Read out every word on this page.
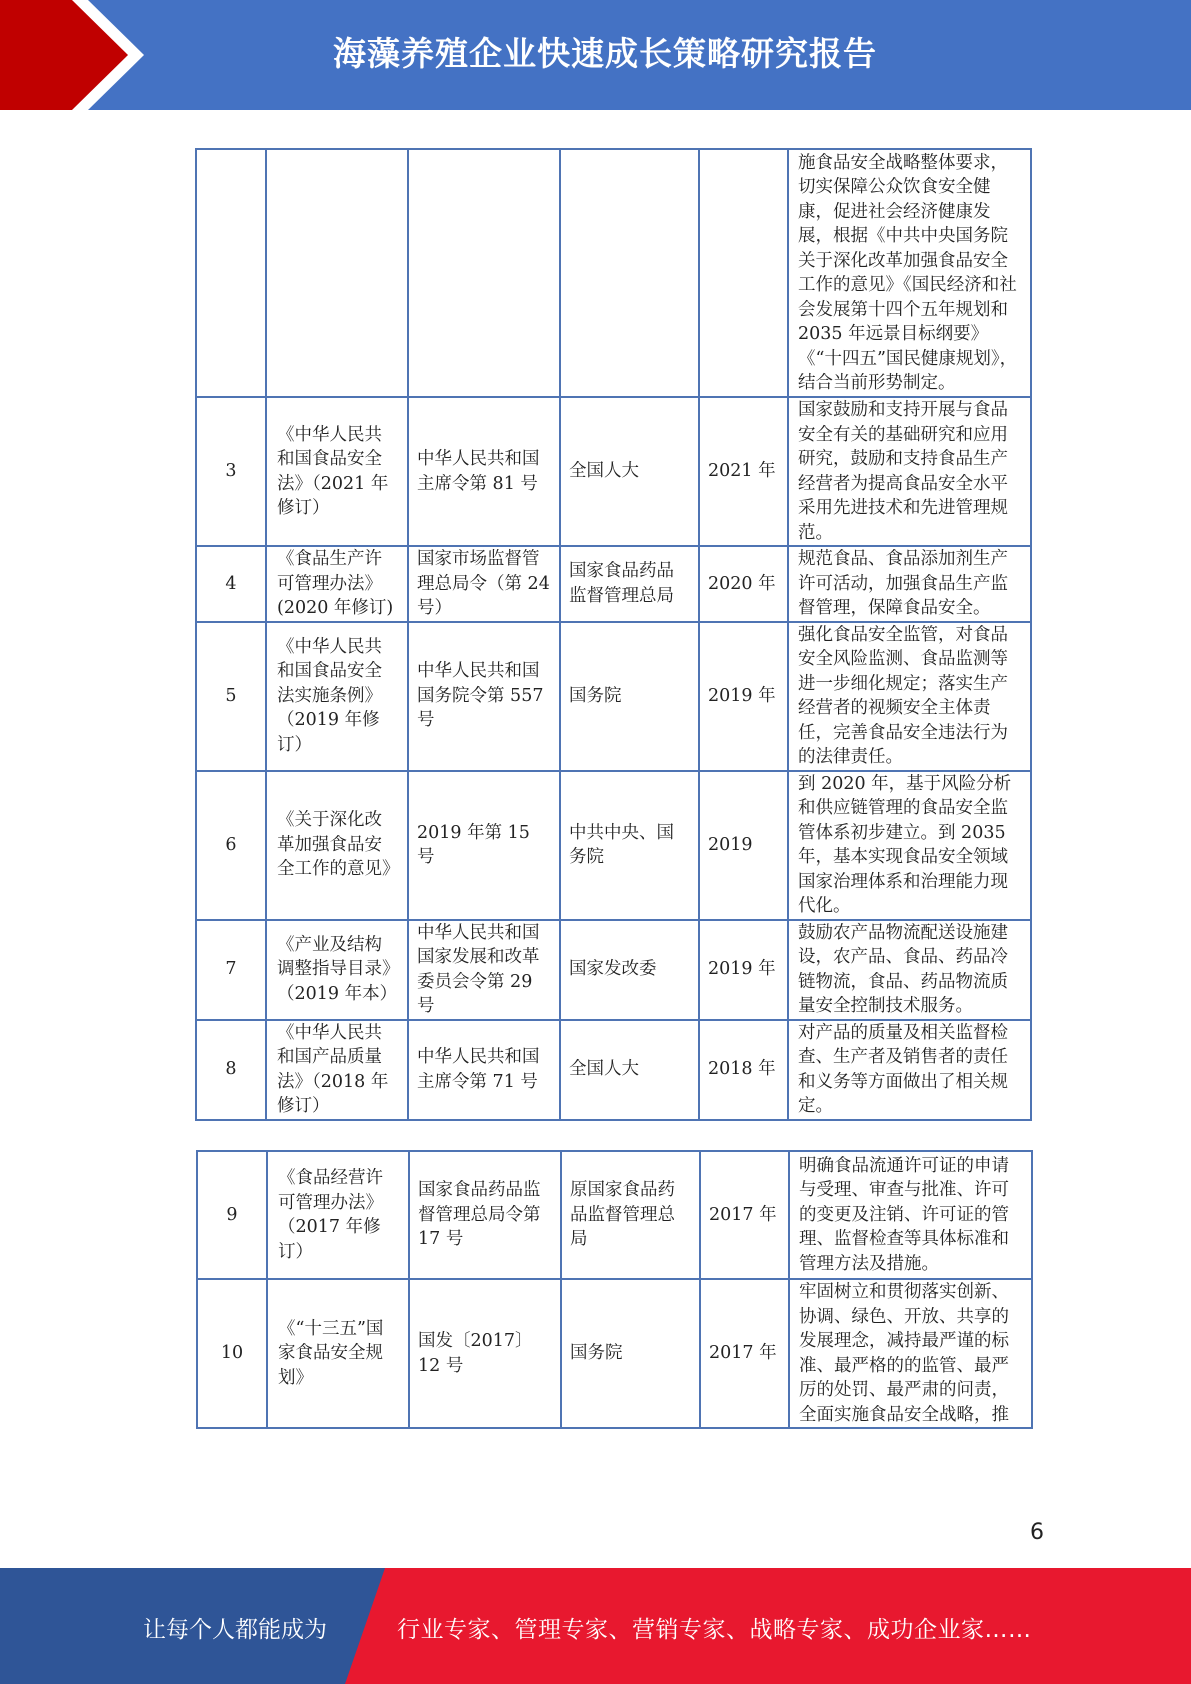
海藻养殖企业快速成长策略研究报告
					施食品安全战略整体要求，切实保障公众饮食安全健康，促进社会经济健康发展，根据《中共中央国务院关于深化改革加强食品安全工作的意见》《国民经济和社会发展第十四个五年规划和 2035 年远景目标纲要》《“十四五”国民健康规划》，结合当前形势制定。
3	《中华人民共和国食品安全法》（2021 年修订）	中华人民共和国主席令第 81 号	全国人大	2021 年	国家鼓励和支持开展与食品安全有关的基础研究和应用研究，鼓励和支持食品生产经营者为提高食品安全水平采用先进技术和先进管理规范。
4	《食品生产许可管理办法》(2020 年修订)	国家市场监督管理总局令（第 24 号）	国家食品药品监督管理总局	2020 年	规范食品、食品添加剂生产许可活动，加强食品生产监督管理，保障食品安全。
5	《中华人民共和国食品安全法实施条例》（2019 年修订）	中华人民共和国国务院令第 557 号	国务院	2019 年	强化食品安全监管，对食品安全风险监测、食品监测等进一步细化规定；落实生产经营者的视频安全主体责任，完善食品安全违法行为的法律责任。
6	《关于深化改革加强食品安全工作的意见》	2019 年第 15 号	中共中央、国务院	2019	到 2020 年，基于风险分析和供应链管理的食品安全监管体系初步建立。到 2035 年，基本实现食品安全领域国家治理体系和治理能力现代化。
7	《产业及结构调整指导目录》（2019 年本）	中华人民共和国国家发展和改革委员会令第 29 号	国家发改委	2019 年	鼓励农产品物流配送设施建设，农产品、食品、药品冷链物流，食品、药品物流质量安全控制技术服务。
8	《中华人民共和国产品质量法》（2018 年修订）	中华人民共和国主席令第 71 号	全国人大	2018 年	对产品的质量及相关监督检查、生产者及销售者的责任和义务等方面做出了相关规定。
9	《食品经营许可管理办法》（2017 年修订）	国家食品药品监督管理总局令第 17 号	原国家食品药品监督管理总局	2017 年	明确食品流通许可证的申请与受理、审查与批准、许可的变更及注销、许可证的管理、监督检查等具体标准和管理方法及措施。
10	《“十三五”国家食品安全规划》	国发〔2017〕12 号	国务院	2017 年	牢固树立和贯彻落实创新、协调、绿色、开放、共享的发展理念，减持最严谨的标准、最严格的的监管、最严厉的处罚、最严肃的问责，全面实施食品安全战略，推
6
让每个人都能成为	行业专家、管理专家、营销专家、战略专家、成功企业家……
